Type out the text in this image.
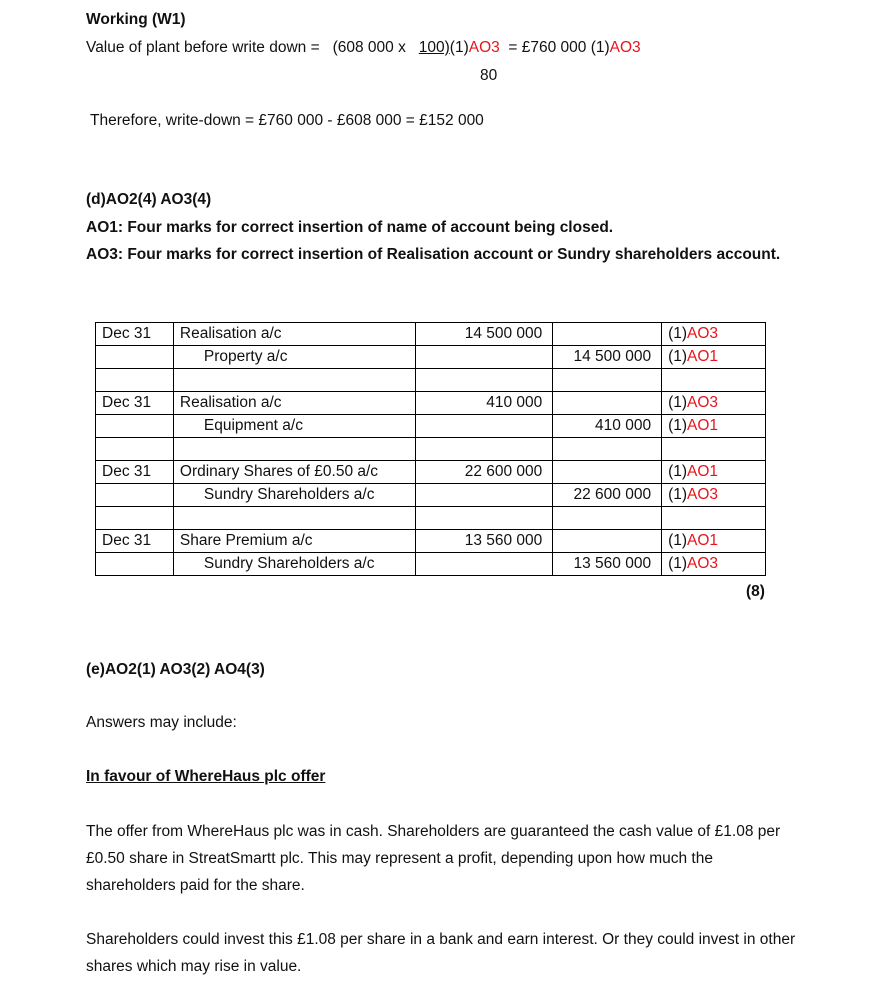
Working (W1)
Value of plant before write down = (608 000 x 100)(1)AO3 = £760 000 (1)AO3
80
Therefore, write-down = £760 000 - £608 000 = £152 000
(d)AO2(4) AO3(4)
AO1: Four marks for correct insertion of name of account being closed.
AO3: Four marks for correct insertion of Realisation account or Sundry shareholders account.
Dec 31	Realisation a/c	14 500 000		(1)AO3
	Property a/c		14 500 000	(1)AO1

Dec 31	Realisation a/c	410 000		(1)AO3
	Equipment a/c		410 000	(1)AO1

Dec 31	Ordinary Shares of £0.50 a/c	22 600 000		(1)AO1
	Sundry Shareholders a/c		22 600 000	(1)AO3

Dec 31	Share Premium a/c	13 560 000		(1)AO1
	Sundry Shareholders a/c		13 560 000	(1)AO3
(8)
(e)AO2(1) AO3(2) AO4(3)
Answers may include:
In favour of WhereHaus plc offer
The offer from WhereHaus plc was in cash. Shareholders are guaranteed the cash value of £1.08 per £0.50 share in StreatSmartt plc. This may represent a profit, depending upon how much the shareholders paid for the share.
Shareholders could invest this £1.08 per share in a bank and earn interest. Or they could invest in other shares which may rise in value.
